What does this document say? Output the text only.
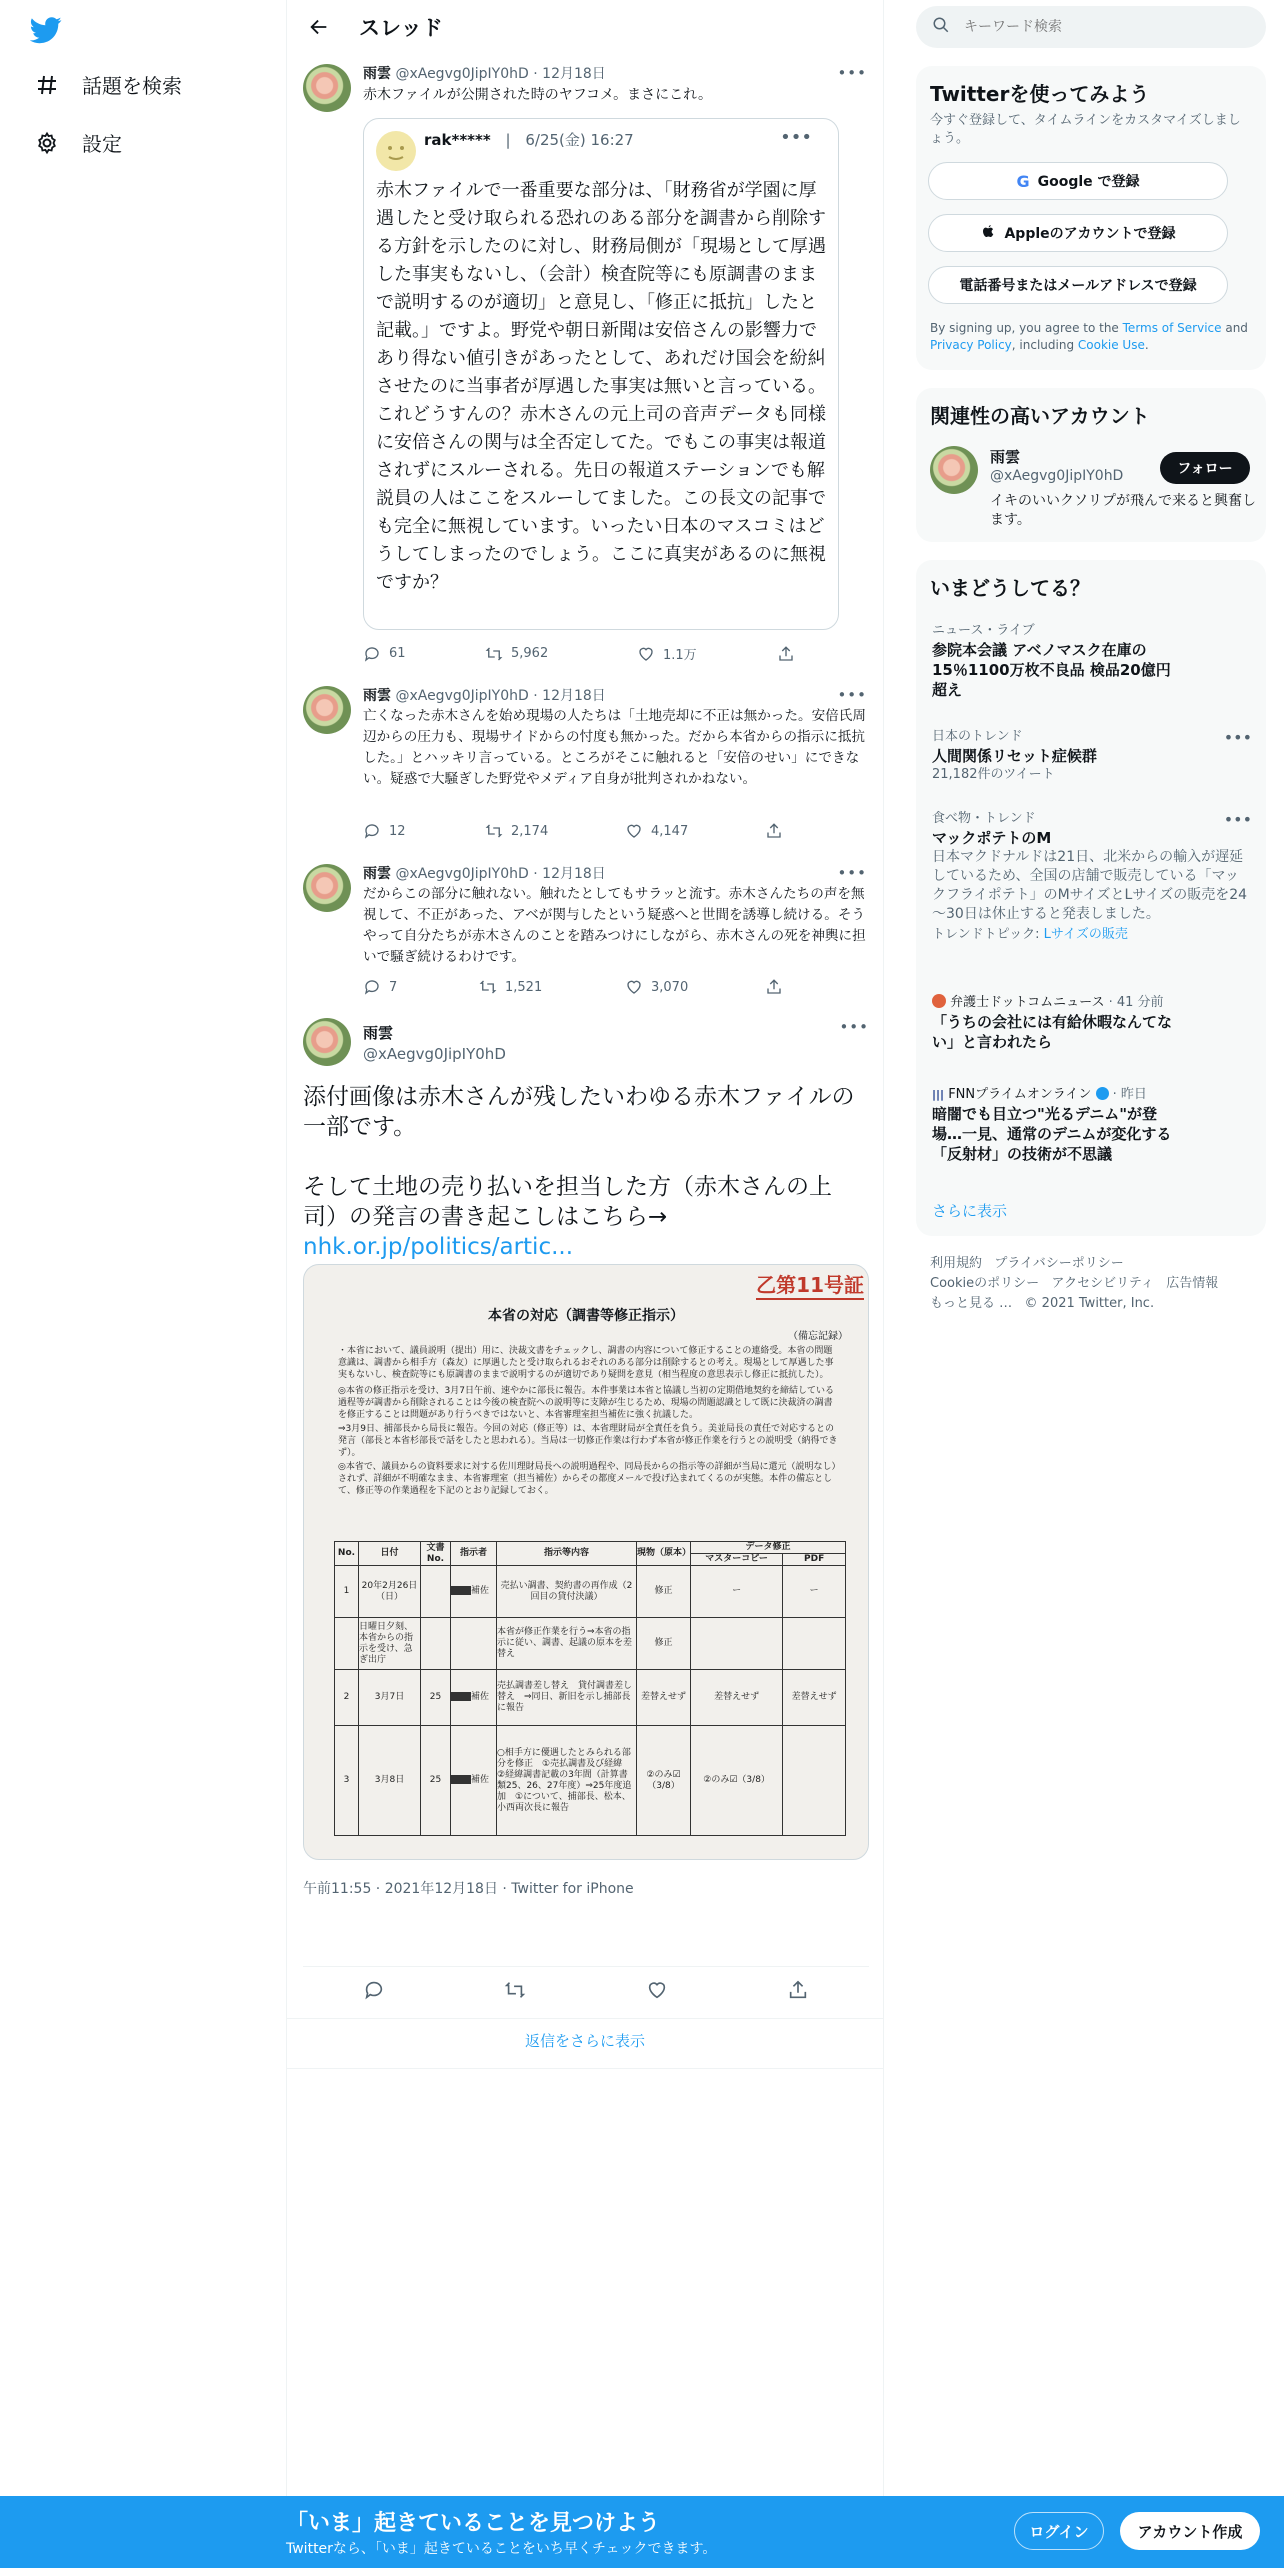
話題を検索
設定
スレッド
雨雲 @xAegvg0JipIY0hD · 12月18日	•••
赤木ファイルが公開された時のヤフコメ。まさにこれ。
rak***** | 6/25(金) 16:27	•••
赤木ファイルで一番重要な部分は、「財務省が学園に厚遇したと受け取られる恐れのある部分を調書から削除する方針を示したのに対し、財務局側が「現場として厚遇した事実もないし、（会計）検査院等にも原調書のままで説明するのが適切」と意見し、「修正に抵抗」したと記載。」ですよ。野党や朝日新聞は安倍さんの影響力であり得ない値引きがあったとして、あれだけ国会を紛糾させたのに当事者が厚遇した事実は無いと言っている。これどうすんの？赤木さんの元上司の音声データも同様に安倍さんの関与は全否定してた。でもこの事実は報道されずにスルーされる。先日の報道ステーションでも解説員の人はここをスルーしてました。この長文の記事でも完全に無視しています。いったい日本のマスコミはどうしてしまったのでしょう。ここに真実があるのに無視ですか？
61	5,962	1.1万
雨雲 @xAegvg0JipIY0hD · 12月18日	•••
亡くなった赤木さんを始め現場の人たちは「土地売却に不正は無かった。安倍氏周辺からの圧力も、現場サイドからの忖度も無かった。だから本省からの指示に抵抗した。」とハッキリ言っている。ところがそこに触れると「安倍のせい」にできない。疑惑で大騒ぎした野党やメディア自身が批判されかねない。
12	2,174	4,147
雨雲 @xAegvg0JipIY0hD · 12月18日	•••
だからこの部分に触れない。触れたとしてもサラッと流す。赤木さんたちの声を無視して、不正があった、アベが関与したという疑惑へと世間を誘導し続ける。そうやって自分たちが赤木さんのことを踏みつけにしながら、赤木さんの死を神輿に担いで騒ぎ続けるわけです。
7	1,521	3,070
雨雲
@xAegvg0JipIY0hD
•••
添付画像は赤木さんが残したいわゆる赤木ファイルの一部です。
そして土地の売り払いを担当した方（赤木さんの上司）の発言の書き起こしはこちら→
nhk.or.jp/politics/artic...
乙第11号証
本省の対応（調書等修正指示）
（備忘記録）
・本省において、議員説明（提出）用に、決裁文書をチェックし、調書の内容について修正することの連絡受。本省の問題意識は、調書から相手方（森友）に厚遇したと受け取られるおそれのある部分は削除するとの考え。現場として厚遇した事実もないし、検査院等にも原調書のままで説明するのが適切であり疑問を意見（相当程度の意思表示し修正に抵抗した）。
◎本省の修正指示を受け、3月7日午前、速やかに部長に報告。本件事業は本省と協議し当初の定期借地契約を締結している過程等が調書から削除されることは今後の検査院への説明等に支障が生じるため、現場の問題認識として既に決裁済の調書を修正することは問題があり行うべきではないと、本省審理室担当補佐に強く抗議した。
⇒3月9日、捕部長から局長に報告。今回の対応（修正等）は、本省理財局が全責任を負う。美並局長の責任で対応するとの発言（部長と本省杉部長で話をしたと思われる）。当局は一切修正作業は行わず本省が修正作業を行うとの説明受（納得できず）。
◎本省で、議員からの資料要求に対する佐川理財局長への説明過程や、同局長からの指示等の詳細が当局に還元（説明なし）されず、詳細が不明確なまま、本省審理室（担当補佐）からその都度メールで投げ込まれてくるのが実態。本件の備忘として、修正等の作業過程を下記のとおり記録しておく。
No.	日付	文書No.	指示者	指示等内容	現物（原本）	データ修正	
						マスターコピー	PDF
1	20年2月26日（日）		補佐	売払い調書、契約書の再作成（2回目の貸付決議）	修正	ー	ー
	日曜日夕刻、本省からの指示を受け、急ぎ出庁			本省が修正作業を行う⇒本省の指示に従い、調書、起議の原本を差替え	修正		
2	3月7日	25	補佐	売払調書差し替え　貸付調書差し替え　⇒同日、新旧を示し捕部長に報告	差替えせず	差替えせず	差替えせず
3	3月8日	25	補佐	○相手方に優遇したとみられる部分を修正　①売払調書及び経緯　②経緯調書記載の3年間（計算書類25、26、27年度）⇒25年度追加　①について、捕部長、松本、小西両次長に報告	②のみ☑（3/8）	②のみ☑（3/8）	
午前11:55 · 2021年12月18日 · Twitter for iPhone
返信をさらに表示
キーワード検索
Twitterを使ってみよう
今すぐ登録して、タイムラインをカスタマイズしましょう。
G Google で登録
Appleのアカウントで登録
電話番号またはメールアドレスで登録
By signing up, you agree to the Terms of Service and Privacy Policy, including Cookie Use.
関連性の高いアカウント
雨雲
@xAegvg0JipIY0hD	フォロー
イキのいいクソリプが飛んで来ると興奮します。
いまどうしてる？
ニュース・ライブ
参院本会議 アベノマスク在庫の15％1100万枚不良品 検品20億円超え
日本のトレンド	•••
人間関係リセット症候群
21,182件のツイート
食べ物・トレンド	•••
マックポテトのM
日本マクドナルドは21日、北米からの輸入が遅延しているため、全国の店舗で販売している「マックフライポテト」のMサイズとLサイズの販売を24～30日は休止すると発表しました。
トレンドトピック: Lサイズの販売
弁護士ドットコムニュース · 41 分前
「うちの会社には有給休暇なんてない」と言われたら
||| FNNプライムオンライン  · 昨日
暗闇でも目立つ"光るデニム"が登場…一見、通常のデニムが変化する「反射材」の技術が不思議
さらに表示
利用規約 プライバシーポリシー
Cookieのポリシー アクセシビリティ 広告情報
もっと見る … © 2021 Twitter, Inc.
「いま」起きていることを見つけよう
Twitterなら、「いま」起きていることをいち早くチェックできます。
ログイン	アカウント作成
